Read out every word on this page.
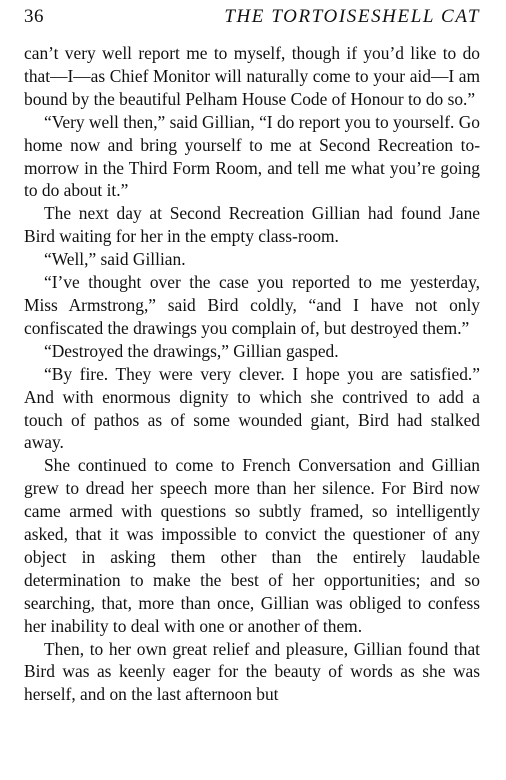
36	THE TORTOISESHELL CAT

can’t very well report me to myself, though if you’d like to do that—I—as Chief Monitor will naturally come to your aid—I am bound by the beautiful Pelham House Code of Honour to do so.”

“Very well then,” said Gillian, “I do report you to yourself. Go home now and bring yourself to me at Second Recreation to-morrow in the Third Form Room, and tell me what you’re going to do about it.”

The next day at Second Recreation Gillian had found Jane Bird waiting for her in the empty class-room.

“Well,” said Gillian.

“I’ve thought over the case you reported to me yesterday, Miss Armstrong,” said Bird coldly, “and I have not only confiscated the drawings you complain of, but destroyed them.”

“Destroyed the drawings,” Gillian gasped.

“By fire. They were very clever. I hope you are satisfied.” And with enormous dignity to which she contrived to add a touch of pathos as of some wounded giant, Bird had stalked away.

She continued to come to French Conversation and Gillian grew to dread her speech more than her silence. For Bird now came armed with questions so subtly framed, so intelligently asked, that it was impossible to convict the questioner of any object in asking them other than the entirely laudable determination to make the best of her opportunities; and so searching, that, more than once, Gillian was obliged to confess her inability to deal with one or another of them.

Then, to her own great relief and pleasure, Gillian found that Bird was as keenly eager for the beauty of words as she was herself, and on the last afternoon but
